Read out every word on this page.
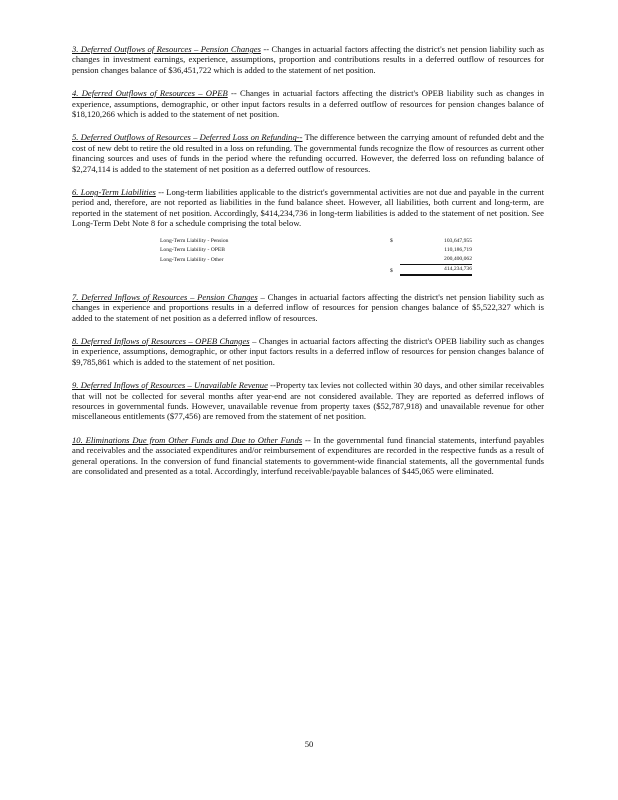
3. Deferred Outflows of Resources – Pension Changes -- Changes in actuarial factors affecting the district's net pension liability such as changes in investment earnings, experience, assumptions, proportion and contributions results in a deferred outflow of resources for pension changes balance of $36,451,722 which is added to the statement of net position.

4. Deferred Outflows of Resources – OPEB -- Changes in actuarial factors affecting the district's OPEB liability such as changes in experience, assumptions, demographic, or other input factors results in a deferred outflow of resources for pension changes balance of $18,120,266 which is added to the statement of net position.

5. Deferred Outflows of Resources – Deferred Loss on Refunding-- The difference between the carrying amount of refunded debt and the cost of new debt to retire the old resulted in a loss on refunding. The governmental funds recognize the flow of resources as current other financing sources and uses of funds in the period where the refunding occurred. However, the deferred loss on refunding balance of $2,274,114 is added to the statement of net position as a deferred outflow of resources.

6. Long-Term Liabilities -- Long-term liabilities applicable to the district's governmental activities are not due and payable in the current period and, therefore, are not reported as liabilities in the fund balance sheet. However, all liabilities, both current and long-term, are reported in the statement of net position. Accordingly, $414,234,736 in long-term liabilities is added to the statement of net position. See Long-Term Debt Note 8 for a schedule comprising the total below.

Long-Term Liability - Pension	$	103,647,955
Long-Term Liability - OPEB	110,186,719
Long-Term Liability - Other	200,400,062
$	414,234,736

7. Deferred Inflows of Resources – Pension Changes – Changes in actuarial factors affecting the district's net pension liability such as changes in experience and proportions results in a deferred inflow of resources for pension changes balance of $5,522,327 which is added to the statement of net position as a deferred inflow of resources.

8. Deferred Inflows of Resources – OPEB Changes – Changes in actuarial factors affecting the district's OPEB liability such as changes in experience, assumptions, demographic, or other input factors results in a deferred inflow of resources for pension changes balance of $9,785,861 which is added to the statement of net position.

9. Deferred Inflows of Resources – Unavailable Revenue --Property tax levies not collected within 30 days, and other similar receivables that will not be collected for several months after year-end are not considered available. They are reported as deferred inflows of resources in governmental funds. However, unavailable revenue from property taxes ($52,787,918) and unavailable revenue for other miscellaneous entitlements ($77,456) are removed from the statement of net position.

10. Eliminations Due from Other Funds and Due to Other Funds -- In the governmental fund financial statements, interfund payables and receivables and the associated expenditures and/or reimbursement of expenditures are recorded in the respective funds as a result of general operations. In the conversion of fund financial statements to government-wide financial statements, all the governmental funds are consolidated and presented as a total. Accordingly, interfund receivable/payable balances of $445,065 were eliminated.

50
